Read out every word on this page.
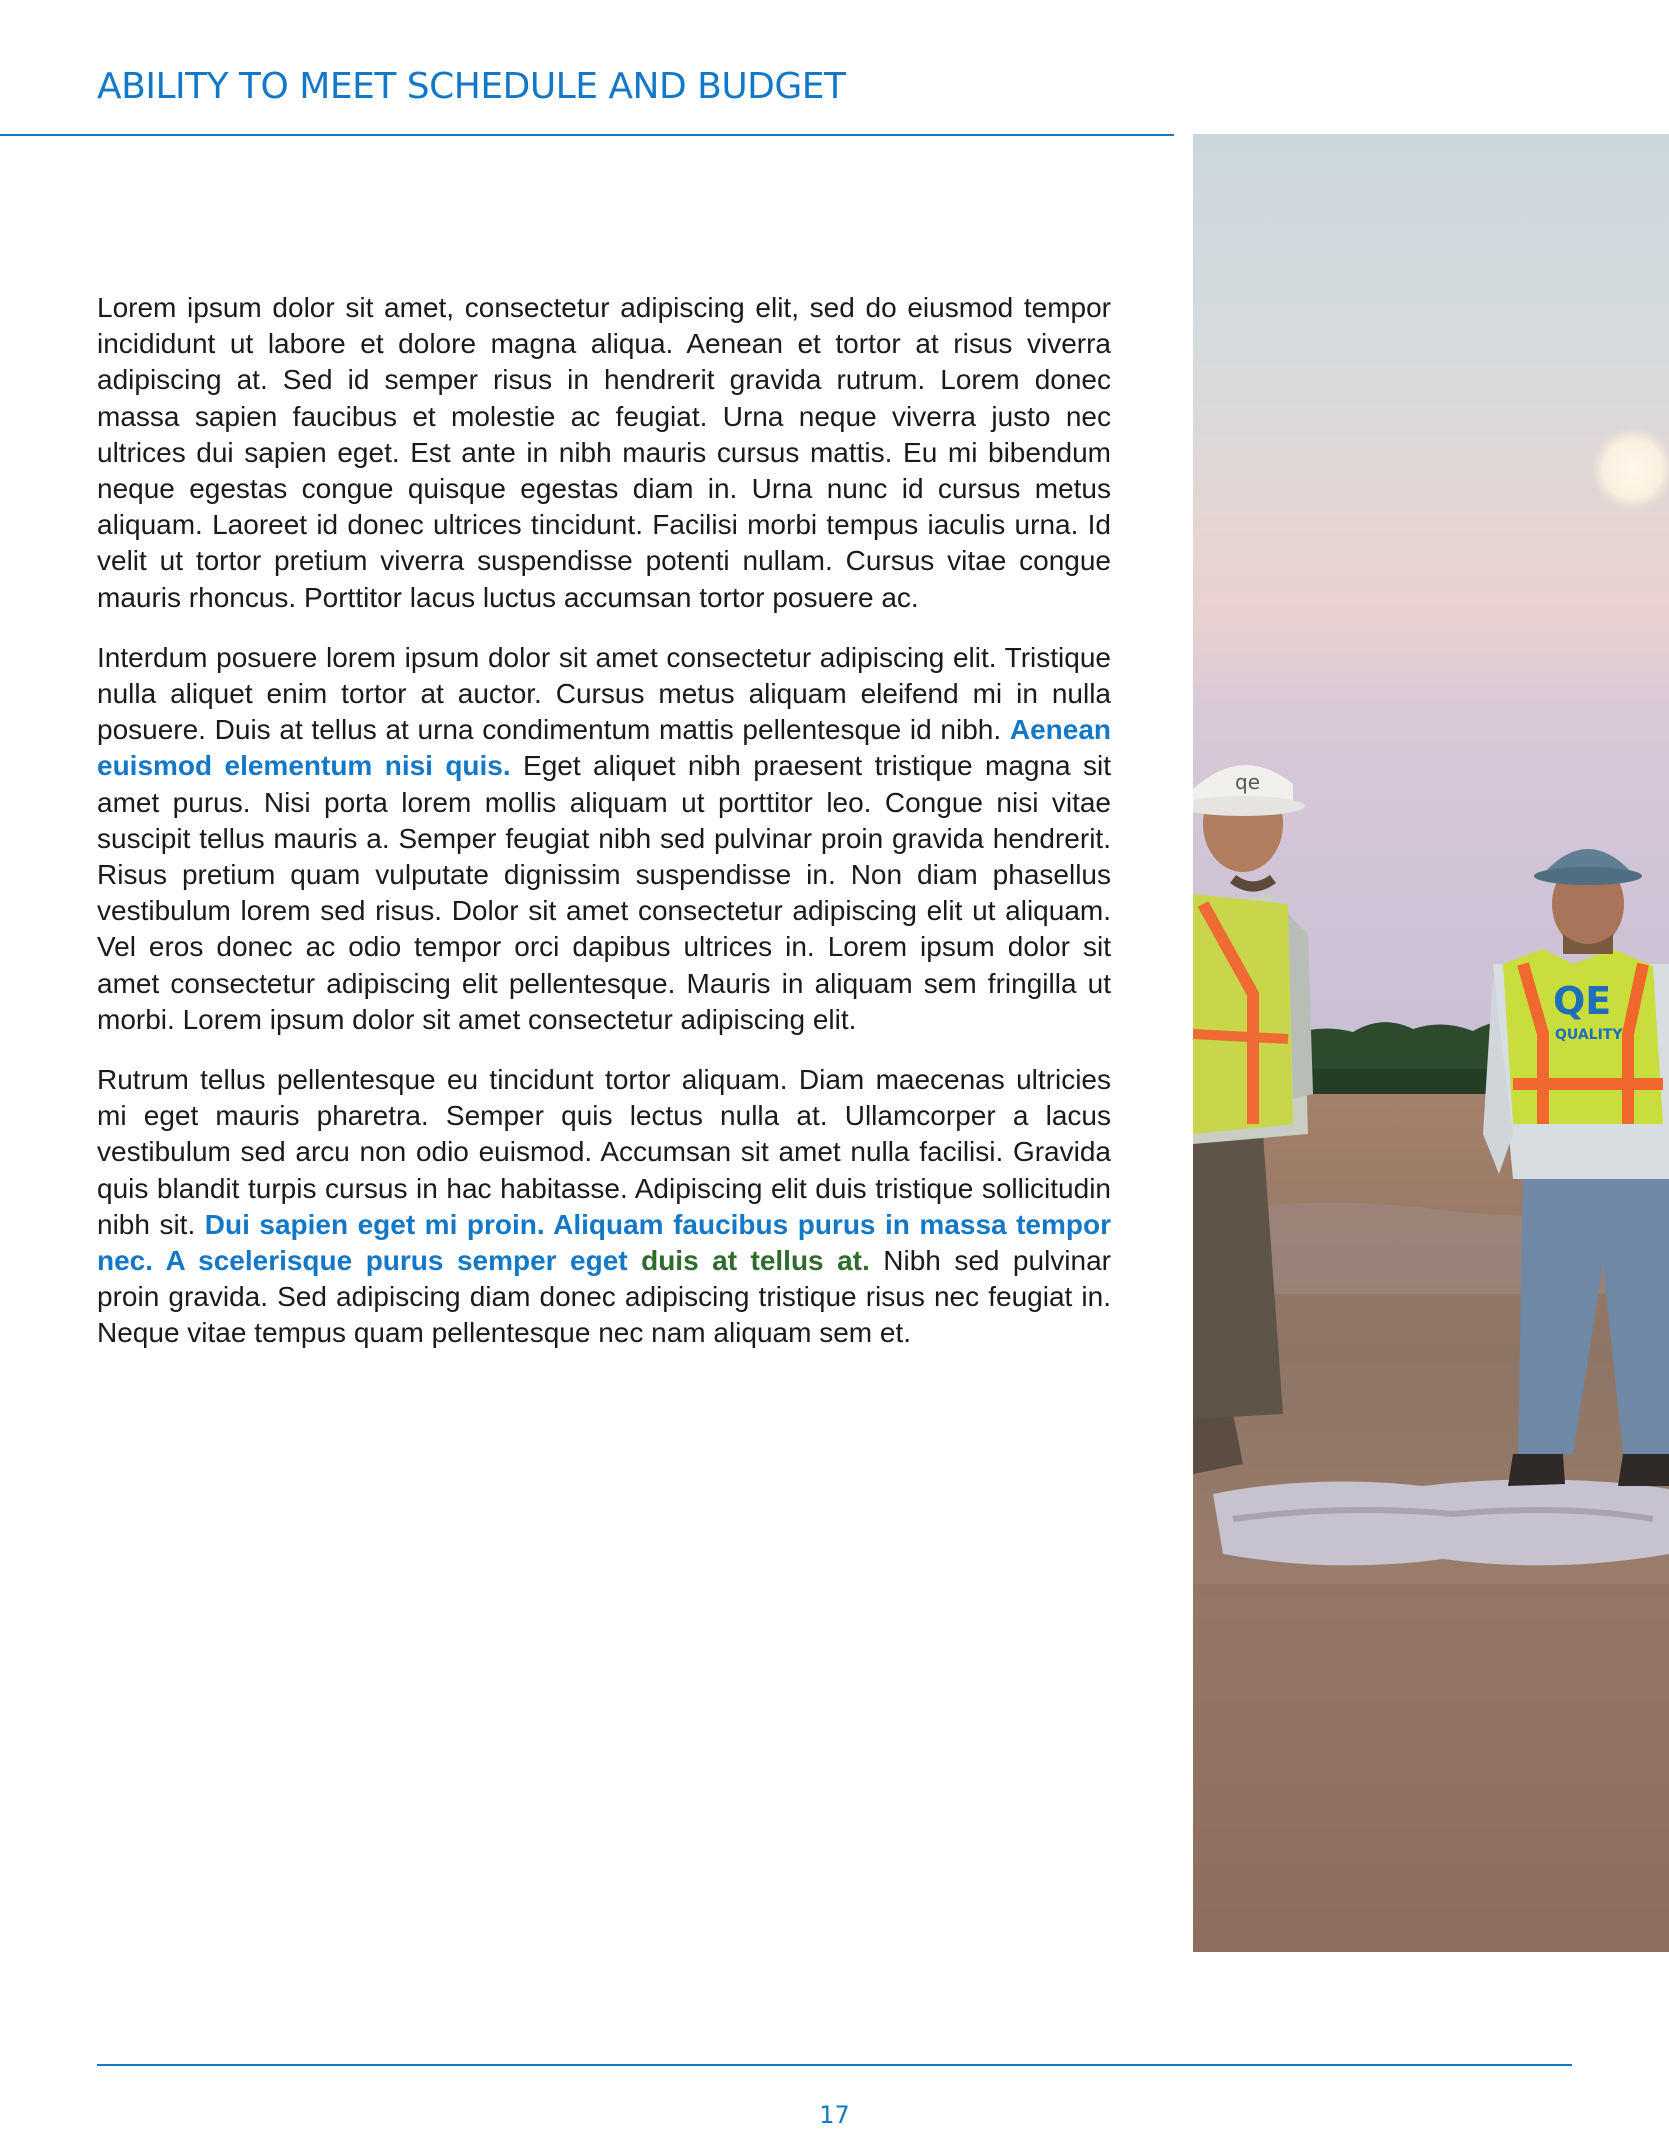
ABILITY TO MEET SCHEDULE AND BUDGET

Lorem ipsum dolor sit amet, consectetur adipiscing elit, sed do eiusmod tempor incididunt ut labore et dolore magna aliqua. Aenean et tortor at risus viverra adipiscing at. Sed id semper risus in hendrerit gravida rutrum. Lorem donec massa sapien faucibus et molestie ac feugiat. Urna neque viverra justo nec ultrices dui sapien eget. Est ante in nibh mauris cursus mattis. Eu mi bibendum neque egestas congue quisque egestas diam in. Urna nunc id cursus metus aliquam. Laoreet id donec ultrices tincidunt. Facilisi morbi tempus iaculis urna. Id velit ut tortor pretium viverra suspendisse potenti nullam. Cursus vitae congue mauris rhoncus. Porttitor lacus luctus accumsan tortor posuere ac.

Interdum posuere lorem ipsum dolor sit amet consectetur adipiscing elit. Tristique nulla aliquet enim tortor at auctor. Cursus metus aliquam eleifend mi in nulla posuere. Duis at tellus at urna condimentum mattis pellentesque id nibh. Aenean euismod elementum nisi quis. Eget aliquet nibh praesent tristique magna sit amet purus. Nisi porta lorem mollis aliquam ut porttitor leo. Congue nisi vitae suscipit tellus mauris a. Semper feugiat nibh sed pulvinar proin gravida hendrerit. Risus pretium quam vulputate dignissim suspendisse in. Non diam phasellus vestibulum lorem sed risus. Dolor sit amet consectetur adipiscing elit ut aliquam. Vel eros donec ac odio tempor orci dapibus ultrices in. Lorem ipsum dolor sit amet consectetur adipiscing elit pellentesque. Mauris in aliquam sem fringilla ut morbi. Lorem ipsum dolor sit amet consectetur adipiscing elit.

Rutrum tellus pellentesque eu tincidunt tortor aliquam. Diam maecenas ultricies mi eget mauris pharetra. Semper quis lectus nulla at. Ullamcorper a lacus vestibulum sed arcu non odio euismod. Accumsan sit amet nulla facilisi. Gravida quis blandit turpis cursus in hac habitasse. Adipiscing elit duis tristique sollicitudin nibh sit. Dui sapien eget mi proin. Aliquam faucibus purus in massa tempor nec. A scelerisque purus semper eget duis at tellus at. Nibh sed pulvinar proin gravida. Sed adipiscing diam donec adipiscing tristique risus nec feugiat in. Neque vitae tempus quam pellentesque nec nam aliquam sem et.

qe
QE
QUALITY
17
